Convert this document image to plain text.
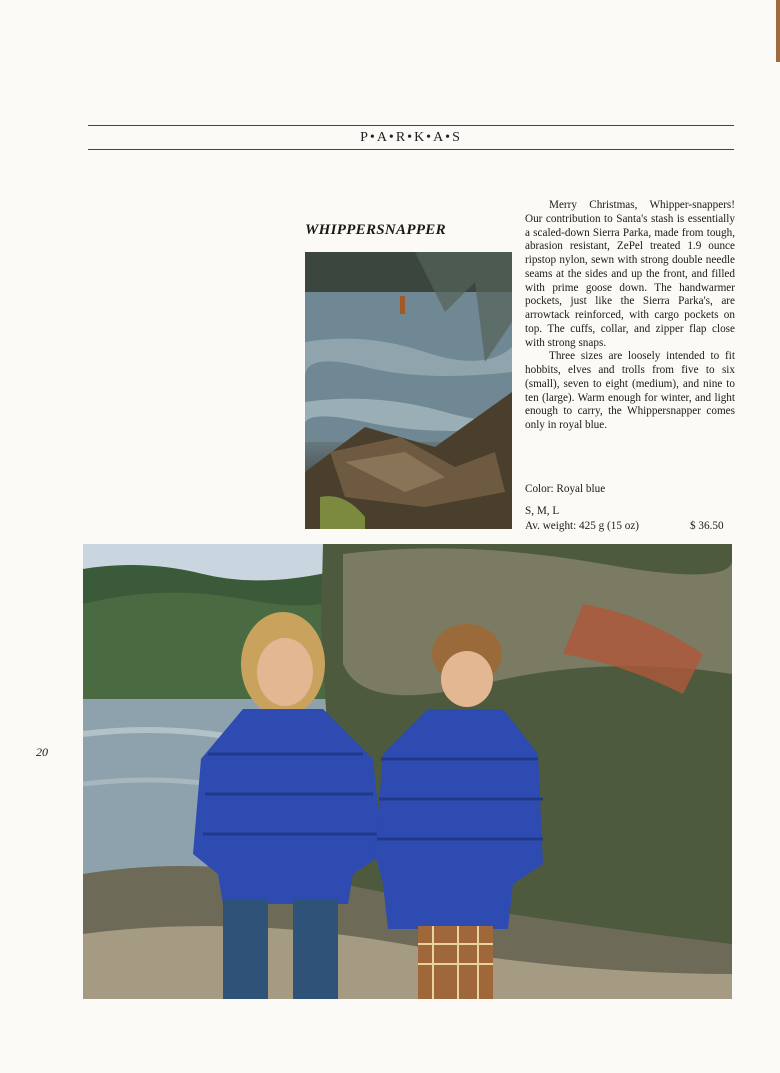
P•A•R•K•A•S
WHIPPERSNAPPER

Merry Christmas, Whipper-snappers! Our contribution to Santa's stash is essentially a scaled-down Sierra Parka, made from tough, abrasion resistant, ZePel treated 1.9 ounce ripstop nylon, sewn with strong double needle seams at the sides and up the front, and filled with prime goose down. The handwarmer pockets, just like the Sierra Parka's, are arrowtack reinforced, with cargo pockets on top. The cuffs, collar, and zipper flap close with strong snaps.

Three sizes are loosely intended to fit hobbits, elves and trolls from five to six (small), seven to eight (medium), and nine to ten (large). Warm enough for winter, and light enough to carry, the Whippersnapper comes only in royal blue.

Color: Royal blue
S, M, L
Av. weight: 425 g (15 oz)	$ 36.50
20
